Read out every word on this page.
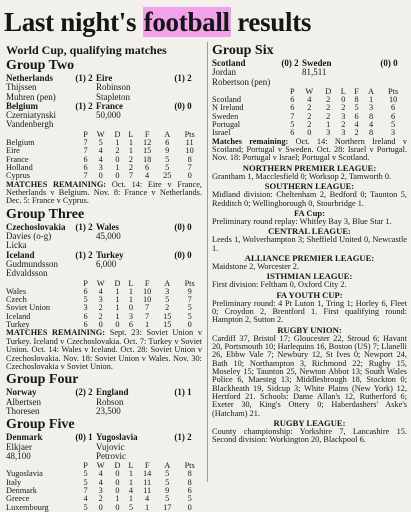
Last night's football results
World Cup, qualifying matches
Group Two
Netherlands	(1) 2 Eire	(1) 2
Thijssen	Robinson
Muhren (pen)	Stapleton
Belgium	(1) 2 France	(0) 0
Czerniatynski	50,000
Vandenbergh
	P	W	D	L	F	A	Pts
Belgium	7	5	1	1	12	6	11
Eire	7	4	2	1	15	9	10
France	6	4	0	2	18	5	8
Holland	6	3	1	2	6	5	7
Cyprus	7	0	0	7	4	25	0
MATCHES REMAINING: Oct. 14: Eire v France, Netherlands v Belgium. Nov. 8: France v Netherlands. Dec. 5: France v Cyprus.
Group Three
Czechoslovakia	(1) 2 Wales	(0) 0
Davies (o-g)	45,000
Licka
Iceland	(1) 2 Turkey	(0) 0
Gudmundsson	6,000
Edvaldsson
	P	W	D	L	F	A	Pts
Wales	6	4	1	1	10	3	9
Czech	5	3	1	1	10	5	7
Soviet Union	3	2	1	0	7	2	5
Iceland	6	2	1	3	7	15	5
Turkey	6	0	0	6	1	15	0
MATCHES REMAINING: Sept. 23: Soviet Union v Turkey. Iceland v Czechoslovakia. Oct. 7: Turkey v Soviet Union. Oct. 14: Wales v Iceland. Oct. 28: Soviet Union v Czechoslovakia. Nov. 18: Soviet Union v Wales. Nov. 30: Czechoslovakia v Soviet Union.
Group Four
Norway	(2) 2 England	(1) 1
Albertsen	Robson
Thoresen	23,500
Group Five
Denmark	(0) 1 Yugoslavia	(1) 2
Elkjaer	Vujovic
48,100	Petrovic
	P	W	D	L	F	A	Pts
Yugoslavia	5	4	0	1	14	5	8
Italy	5	4	0	1	11	5	8
Denmark	7	3	0	4	11	9	6
Greece	4	2	1	1	4	5	5
Luxembourg	5	0	0	5	1	17	0
Group Six
Scotland	(0) 2 Sweden	(0) 0
Jordan	81,511
Robertson (pen)
	P	W	D	L	F	A	Pts
Scotland	6	4	2	0	8	1	10
N Ireland	6	2	2	2	5	3	6
Sweden	7	2	2	3	6	8	6
Portugal	5	2	1	2	4	4	5
Israel	6	0	3	3	2	8	3
Matches remaining: Oct. 14: Northern Ireland v Scotland; Portugal v Sweden. Oct. 28: Israel v Portugal. Nov. 18: Portugal v Israel; Portugal v Scotland.
NORTHERN PREMIER LEAGUE:
Grantham 1, Macclesfield 0; Worksop 2, Tamworth 0.
SOUTHERN LEAGUE:
Midland division: Cheltenham 2, Bedford 0; Taunton 5, Redditch 0; Wellingborough 0, Stourbridge 1.
FA Cup:
Preliminary round replay: Whitley Bay 3, Blue Star 1.
CENTRAL LEAGUE:
Leeds 1, Wolverhampton 3; Sheffield United 0, Newcastle 1.
ALLIANCE PREMIER LEAGUE:
Maidstone 2, Worcester 2.
ISTHMIAN LEAGUE:
First division: Feltham 0, Oxford City 2.
FA YOUTH CUP:
Preliminary round: 4 Pt Luton 1, Tring 1; Horley 6, Fleet 0; Croydon 2, Brentford 1. First qualifying round: Hampton 2, Sutton 2.
RUGBY UNION:
Cardiff 37, Bristol 17; Gloucester 22, Stroud 6; Havant 20, Portsmouth 10; Harlequins 16, Boston (US) 7; Llanelli 26, Ebbw Vale 7; Newbury 12, St Ives 0; Newport 24, Bath 10; Northampton 3, Richmond 22; Rugby 15, Moseley 15; Taunton 25, Newton Abbot 13; South Wales Police 6, Maesteg 13; Middlesbrough 18, Stockton 0; Blackheath 19, Sidcup 3; White Plains (New York) 12, Hertford 21. Schools: Dame Allan's 12, Rutherford 6; Exeter 30, King's Ottery 0; Haberdashers' Aske's (Hatcham) 21.
RUGBY LEAGUE:
County championship: Yorkshire 7, Lancashire 15. Second division: Workington 20, Blackpool 6.
